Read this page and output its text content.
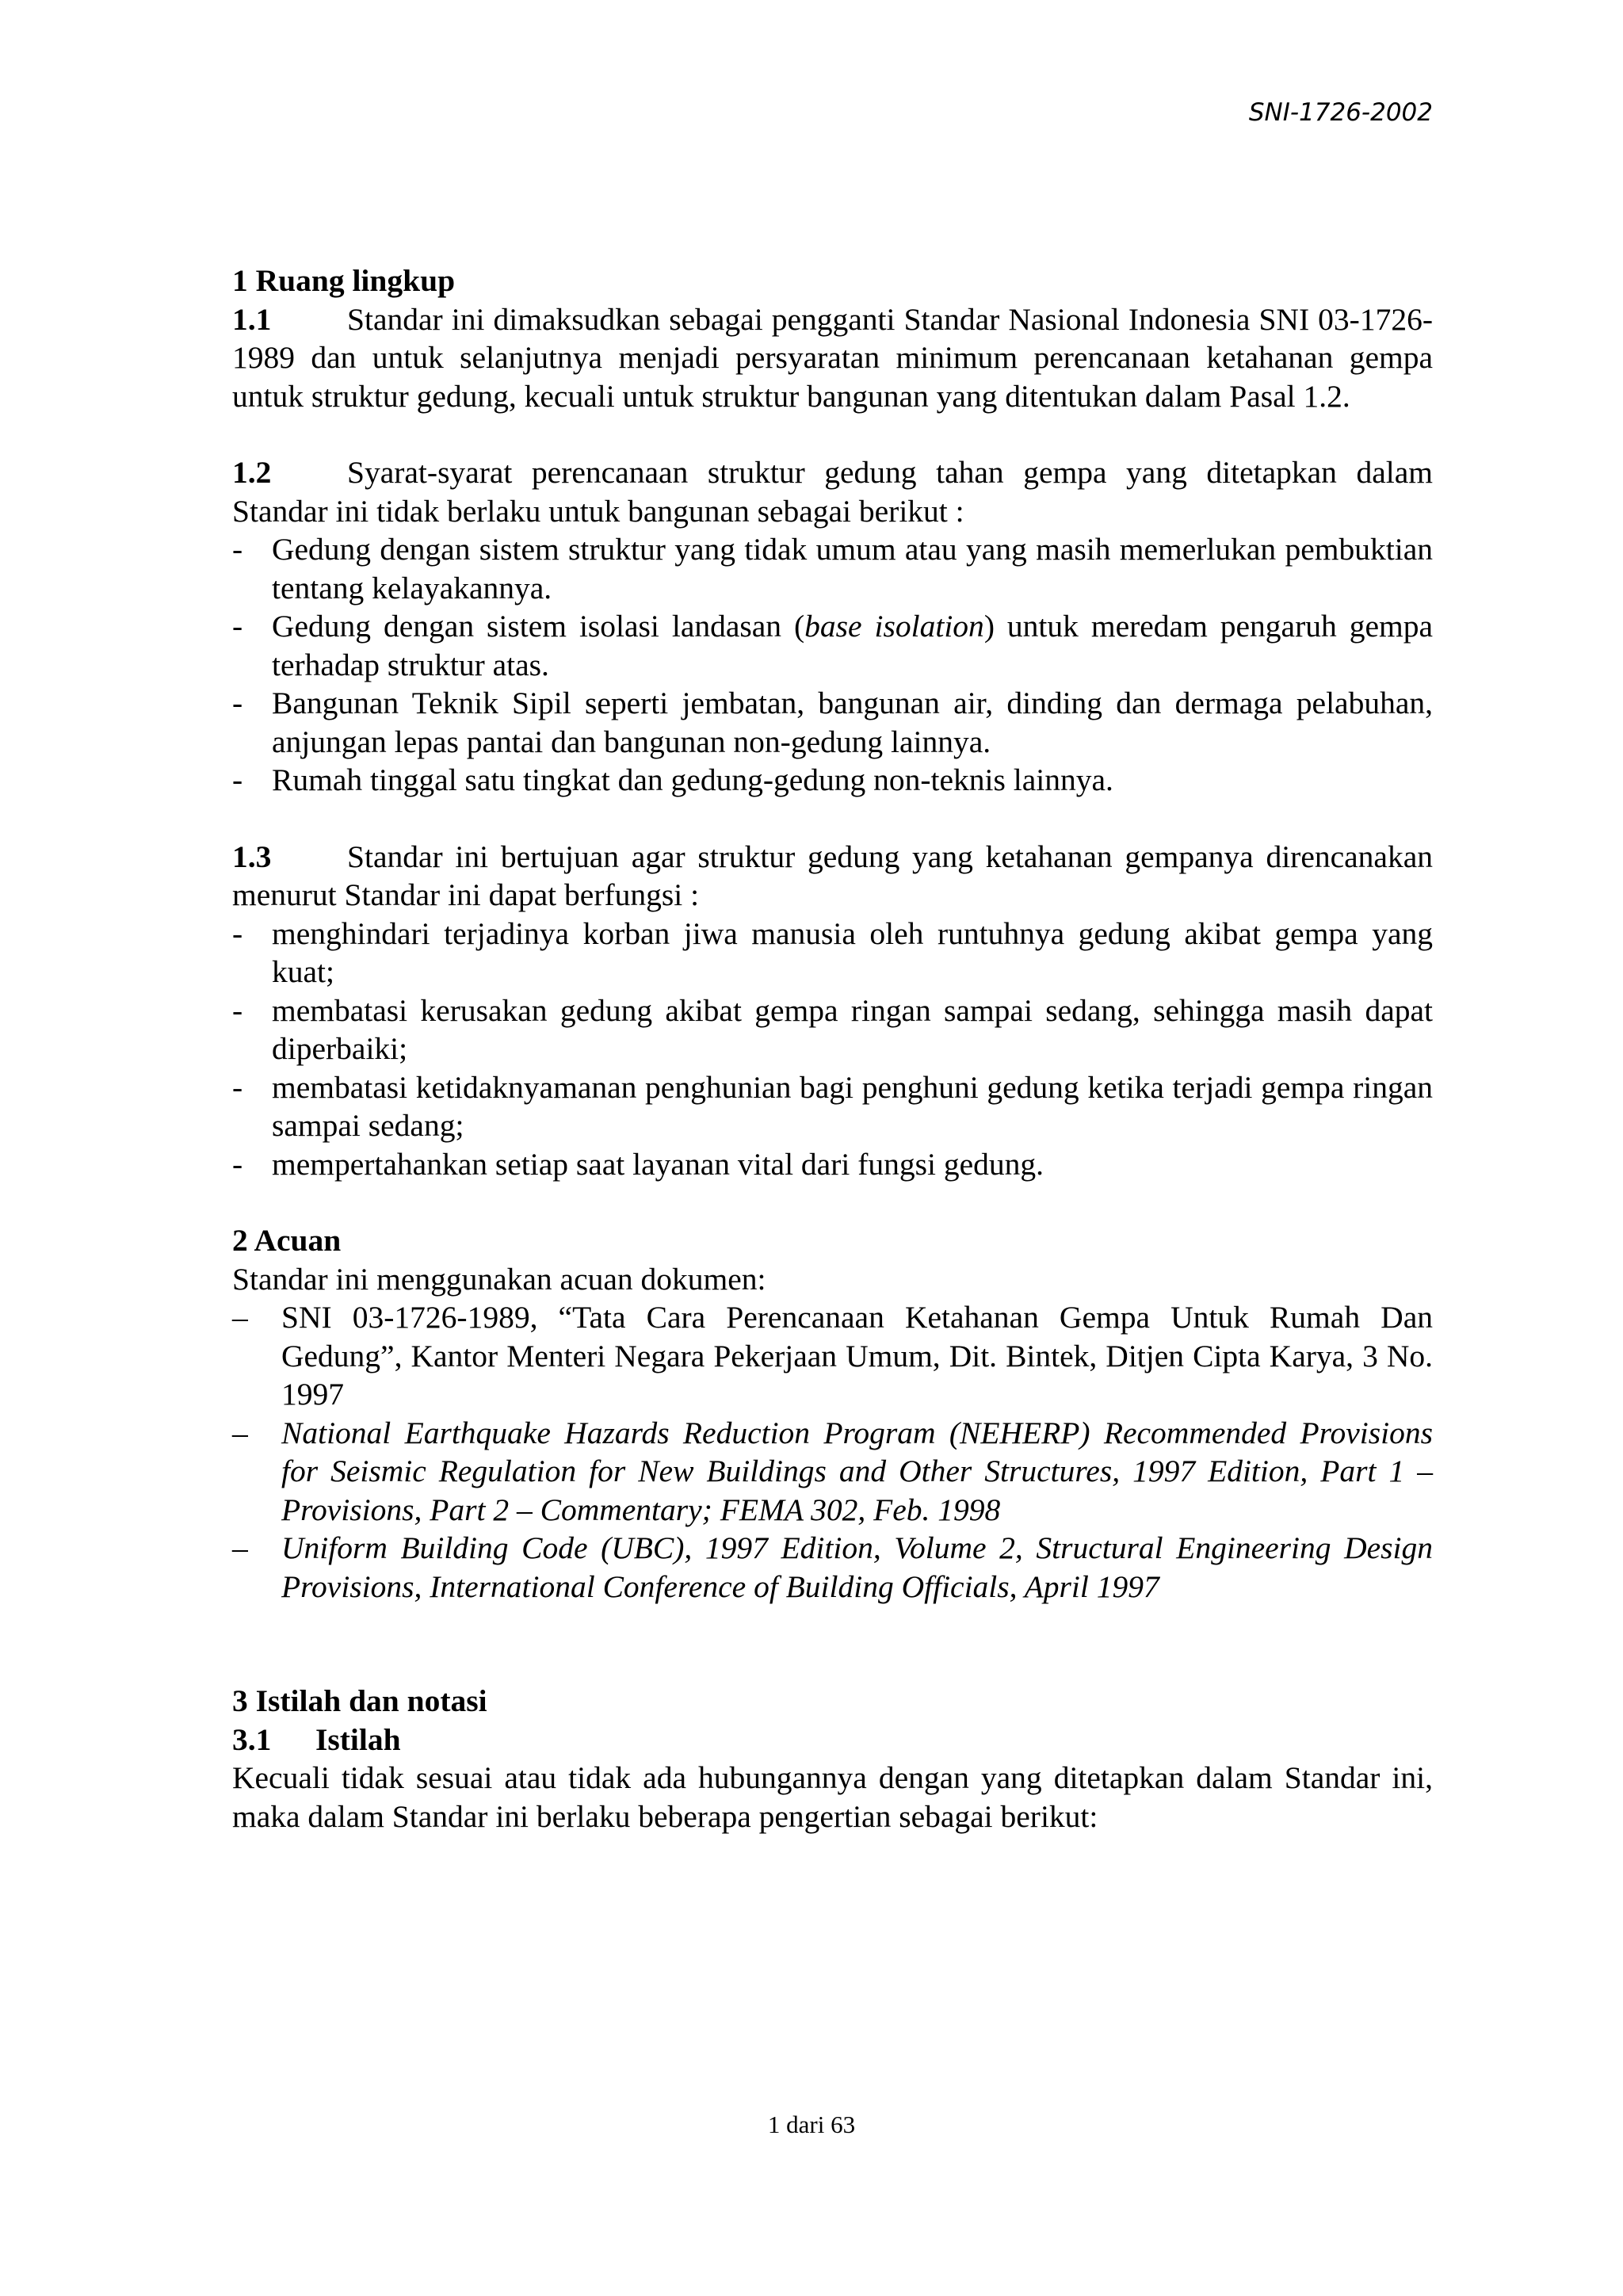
SNI-1726-2002
1 Ruang lingkup

1.1 Standar ini dimaksudkan sebagai pengganti Standar Nasional Indonesia SNI 03-1726-1989 dan untuk selanjutnya menjadi persyaratan minimum perencanaan ketahanan gempa untuk struktur gedung, kecuali untuk struktur bangunan yang ditentukan dalam Pasal 1.2.

1.2 Syarat-syarat perencanaan struktur gedung tahan gempa yang ditetapkan dalam Standar ini tidak berlaku untuk bangunan sebagai berikut :

- Gedung dengan sistem struktur yang tidak umum atau yang masih memerlukan pembuktian tentang kelayakannya.
- Gedung dengan sistem isolasi landasan (base isolation) untuk meredam pengaruh gempa terhadap struktur atas.
- Bangunan Teknik Sipil seperti jembatan, bangunan air, dinding dan dermaga pelabuhan, anjungan lepas pantai dan bangunan non-gedung lainnya.
- Rumah tinggal satu tingkat dan gedung-gedung non-teknis lainnya.

1.3 Standar ini bertujuan agar struktur gedung yang ketahanan gempanya direncanakan menurut Standar ini dapat berfungsi :

- menghindari terjadinya korban jiwa manusia oleh runtuhnya gedung akibat gempa yang kuat;
- membatasi kerusakan gedung akibat gempa ringan sampai sedang, sehingga masih dapat diperbaiki;
- membatasi ketidaknyamanan penghunian bagi penghuni gedung ketika terjadi gempa ringan sampai sedang;
- mempertahankan setiap saat layanan vital dari fungsi gedung.
2 Acuan

Standar ini menggunakan acuan dokumen:

– SNI 03-1726-1989, “Tata Cara Perencanaan Ketahanan Gempa Untuk Rumah Dan Gedung”, Kantor Menteri Negara Pekerjaan Umum, Dit. Bintek, Ditjen Cipta Karya, 3 No. 1997
– National Earthquake Hazards Reduction Program (NEHERP) Recommended Provisions for Seismic Regulation for New Buildings and Other Structures, 1997 Edition, Part 1 – Provisions, Part 2 – Commentary; FEMA 302, Feb. 1998
– Uniform Building Code (UBC), 1997 Edition, Volume 2, Structural Engineering Design Provisions, International Conference of Building Officials, April 1997
3 Istilah dan notasi
3.1 Istilah

Kecuali tidak sesuai atau tidak ada hubungannya dengan yang ditetapkan dalam Standar ini, maka dalam Standar ini berlaku beberapa pengertian sebagai berikut:

1 dari 63
